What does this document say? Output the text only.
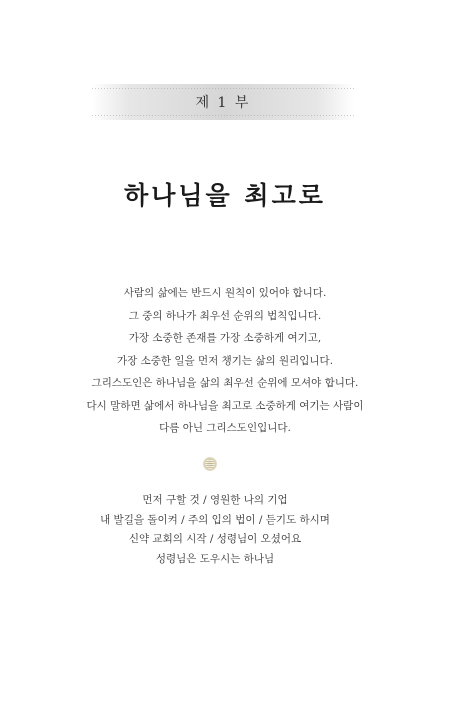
제 1 부
하나님을 최고로
사람의 삶에는 반드시 원칙이 있어야 합니다.
그 중의 하나가 최우선 순위의 법칙입니다.
가장 소중한 존재를 가장 소중하게 여기고,
가장 소중한 일을 먼저 챙기는 삶의 원리입니다.
그리스도인은 하나님을 삶의 최우선 순위에 모셔야 합니다.
다시 말하면 삶에서 하나님을 최고로 소중하게 여기는 사람이
다름 아닌 그리스도인입니다.
먼저 구할 것 / 영원한 나의 기업
내 발길을 돌이켜 / 주의 입의 법이 / 듣기도 하시며
신약 교회의 시작 / 성령님이 오셨어요
성령님은 도우시는 하나님
